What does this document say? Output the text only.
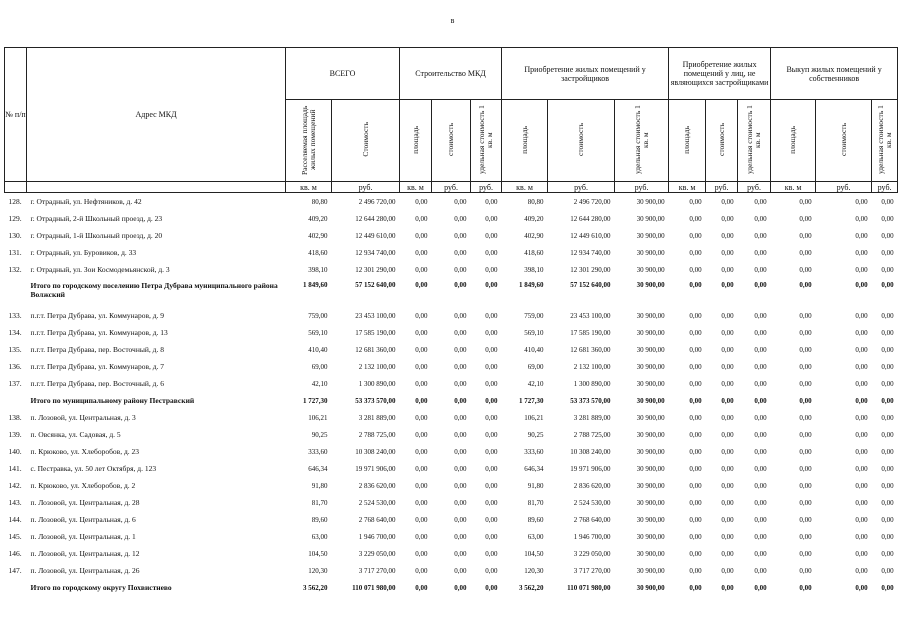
в
№ п/п	Адрес МКД	ВСЕГО		Строительство МКД			Приобретение жилых помещений у застройщиков			Приобретение жилых помещений у лиц, не являющихся застройщиками			Выкуп жилых помещений у собственников		
		Расселяемая площадь жилых помещений	Стоимость	площадь	стоимость	удельная стоимость 1 кв. м	площадь	стоимость	удельная стоимость 1 кв. м	площадь	стоимость	удельная стоимость 1 кв. м	площадь	стоимость	удельная стоимость 1 кв. м
		кв. м	руб.	кв. м	руб.	руб.	кв. м	руб.	руб.	кв. м	руб.	руб.	кв. м	руб.	руб.
128.	г. Отрадный, ул. Нефтяников, д. 42	80,80	2 496 720,00	0,00	0,00	0,00	80,80	2 496 720,00	30 900,00	0,00	0,00	0,00	0,00	0,00	0,00
129.	г. Отрадный, 2-й Школьный проезд, д. 23	409,20	12 644 280,00	0,00	0,00	0,00	409,20	12 644 280,00	30 900,00	0,00	0,00	0,00	0,00	0,00	0,00
130.	г. Отрадный, 1-й Школьный проезд, д. 20	402,90	12 449 610,00	0,00	0,00	0,00	402,90	12 449 610,00	30 900,00	0,00	0,00	0,00	0,00	0,00	0,00
131.	г. Отрадный, ул. Буровиков, д. 33	418,60	12 934 740,00	0,00	0,00	0,00	418,60	12 934 740,00	30 900,00	0,00	0,00	0,00	0,00	0,00	0,00
132.	г. Отрадный, ул. Зои Космодемьянской, д. 3	398,10	12 301 290,00	0,00	0,00	0,00	398,10	12 301 290,00	30 900,00	0,00	0,00	0,00	0,00	0,00	0,00
	Итого по городскому поселению Петра Дубрава муниципального района Волжский	1 849,60	57 152 640,00	0,00	0,00	0,00	1 849,60	57 152 640,00	30 900,00	0,00	0,00	0,00	0,00	0,00	0,00
133.	п.г.т. Петра Дубрава, ул. Коммунаров, д. 9	759,00	23 453 100,00	0,00	0,00	0,00	759,00	23 453 100,00	30 900,00	0,00	0,00	0,00	0,00	0,00	0,00
134.	п.г.т. Петра Дубрава, ул. Коммунаров, д. 13	569,10	17 585 190,00	0,00	0,00	0,00	569,10	17 585 190,00	30 900,00	0,00	0,00	0,00	0,00	0,00	0,00
135.	п.г.т. Петра Дубрава, пер. Восточный, д. 8	410,40	12 681 360,00	0,00	0,00	0,00	410,40	12 681 360,00	30 900,00	0,00	0,00	0,00	0,00	0,00	0,00
136.	п.г.т. Петра Дубрава, ул. Коммунаров, д. 7	69,00	2 132 100,00	0,00	0,00	0,00	69,00	2 132 100,00	30 900,00	0,00	0,00	0,00	0,00	0,00	0,00
137.	п.г.т. Петра Дубрава, пер. Восточный, д. 6	42,10	1 300 890,00	0,00	0,00	0,00	42,10	1 300 890,00	30 900,00	0,00	0,00	0,00	0,00	0,00	0,00
	Итого по муниципальному району Пестравский	1 727,30	53 373 570,00	0,00	0,00	0,00	1 727,30	53 373 570,00	30 900,00	0,00	0,00	0,00	0,00	0,00	0,00
138.	п. Лозовой, ул. Центральная, д. 3	106,21	3 281 889,00	0,00	0,00	0,00	106,21	3 281 889,00	30 900,00	0,00	0,00	0,00	0,00	0,00	0,00
139.	п. Овсянка, ул. Садовая, д. 5	90,25	2 788 725,00	0,00	0,00	0,00	90,25	2 788 725,00	30 900,00	0,00	0,00	0,00	0,00	0,00	0,00
140.	п. Крюково, ул. Хлеборобов, д. 23	333,60	10 308 240,00	0,00	0,00	0,00	333,60	10 308 240,00	30 900,00	0,00	0,00	0,00	0,00	0,00	0,00
141.	с. Пестравка, ул. 50 лет Октября, д. 123	646,34	19 971 906,00	0,00	0,00	0,00	646,34	19 971 906,00	30 900,00	0,00	0,00	0,00	0,00	0,00	0,00
142.	п. Крюково, ул. Хлеборобов, д. 2	91,80	2 836 620,00	0,00	0,00	0,00	91,80	2 836 620,00	30 900,00	0,00	0,00	0,00	0,00	0,00	0,00
143.	п. Лозовой, ул. Центральная, д. 28	81,70	2 524 530,00	0,00	0,00	0,00	81,70	2 524 530,00	30 900,00	0,00	0,00	0,00	0,00	0,00	0,00
144.	п. Лозовой, ул. Центральная, д. 6	89,60	2 768 640,00	0,00	0,00	0,00	89,60	2 768 640,00	30 900,00	0,00	0,00	0,00	0,00	0,00	0,00
145.	п. Лозовой, ул. Центральная, д. 1	63,00	1 946 700,00	0,00	0,00	0,00	63,00	1 946 700,00	30 900,00	0,00	0,00	0,00	0,00	0,00	0,00
146.	п. Лозовой, ул. Центральная, д. 12	104,50	3 229 050,00	0,00	0,00	0,00	104,50	3 229 050,00	30 900,00	0,00	0,00	0,00	0,00	0,00	0,00
147.	п. Лозовой, ул. Центральная, д. 26	120,30	3 717 270,00	0,00	0,00	0,00	120,30	3 717 270,00	30 900,00	0,00	0,00	0,00	0,00	0,00	0,00
	Итого по городскому округу Похвистнево	3 562,20	110 071 980,00	0,00	0,00	0,00	3 562,20	110 071 980,00	30 900,00	0,00	0,00	0,00	0,00	0,00	0,00
